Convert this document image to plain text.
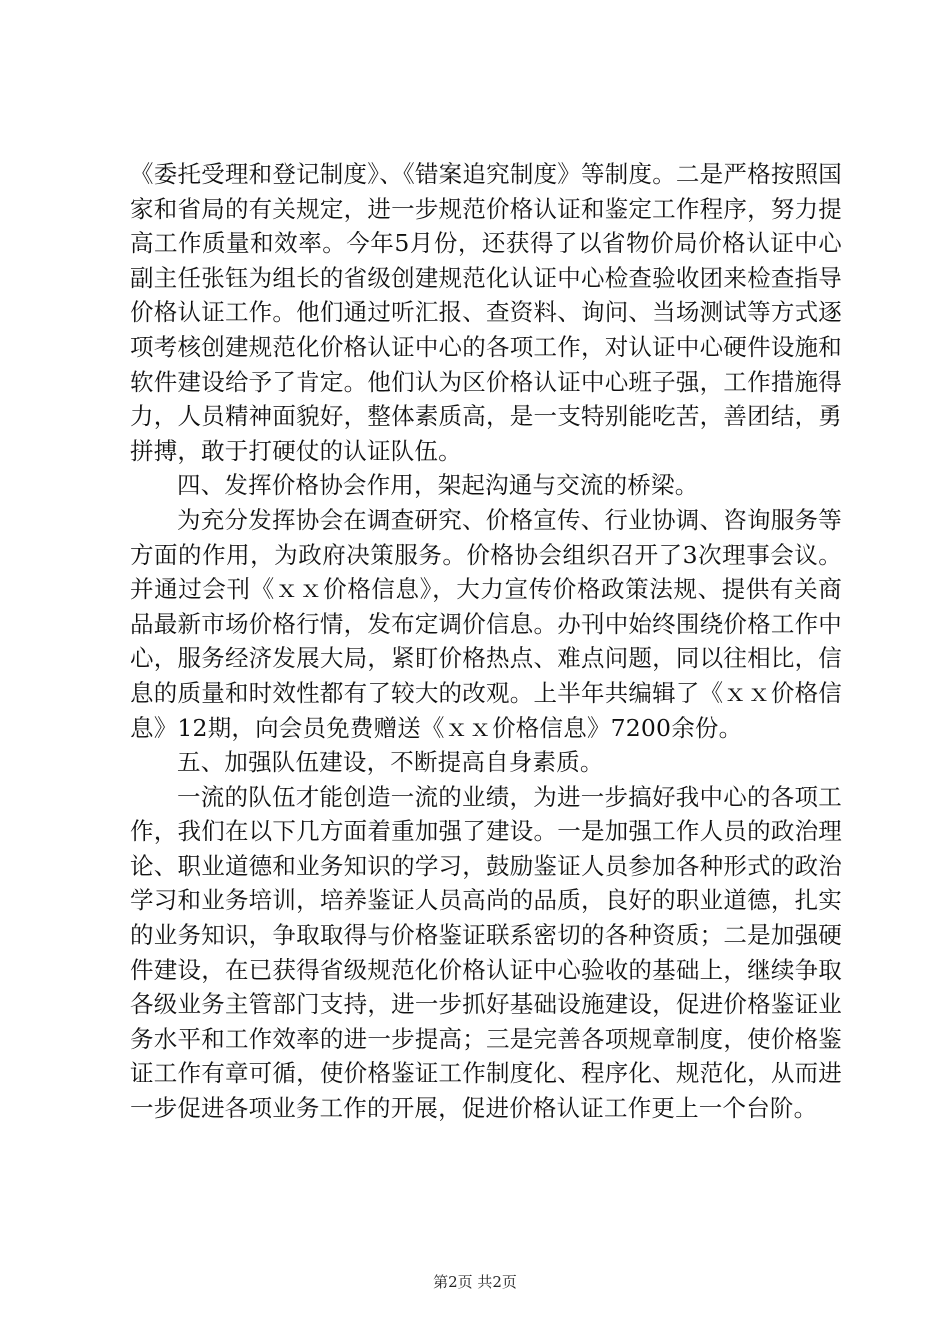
《委托受理和登记制度》、《错案追究制度》等制度。二是严格按照国家和省局的有关规定，进一步规范价格认证和鉴定工作程序，努力提高工作质量和效率。今年5月份，还获得了以省物价局价格认证中心副主任张钰为组长的省级创建规范化认证中心检查验收团来检查指导价格认证工作。他们通过听汇报、查资料、询问、当场测试等方式逐项考核创建规范化价格认证中心的各项工作，对认证中心硬件设施和软件建设给予了肯定。他们认为区价格认证中心班子强，工作措施得力，人员精神面貌好，整体素质高，是一支特别能吃苦，善团结，勇拼搏，敢于打硬仗的认证队伍。

四、发挥价格协会作用，架起沟通与交流的桥梁。

为充分发挥协会在调查研究、价格宣传、行业协调、咨询服务等方面的作用，为政府决策服务。价格协会组织召开了3次理事会议。并通过会刊《ｘｘ价格信息》，大力宣传价格政策法规、提供有关商品最新市场价格行情，发布定调价信息。办刊中始终围绕价格工作中心，服务经济发展大局，紧盯价格热点、难点问题，同以往相比，信息的质量和时效性都有了较大的改观。上半年共编辑了《ｘｘ价格信息》12期，向会员免费赠送《ｘｘ价格信息》7200余份。

五、加强队伍建设，不断提高自身素质。

一流的队伍才能创造一流的业绩，为进一步搞好我中心的各项工作，我们在以下几方面着重加强了建设。一是加强工作人员的政治理论、职业道德和业务知识的学习，鼓励鉴证人员参加各种形式的政治学习和业务培训，培养鉴证人员高尚的品质，良好的职业道德，扎实的业务知识，争取取得与价格鉴证联系密切的各种资质；二是加强硬件建设，在已获得省级规范化价格认证中心验收的基础上，继续争取各级业务主管部门支持，进一步抓好基础设施建设，促进价格鉴证业务水平和工作效率的进一步提高；三是完善各项规章制度，使价格鉴证工作有章可循，使价格鉴证工作制度化、程序化、规范化，从而进一步促进各项业务工作的开展，促进价格认证工作更上一个台阶。

第2页 共2页
